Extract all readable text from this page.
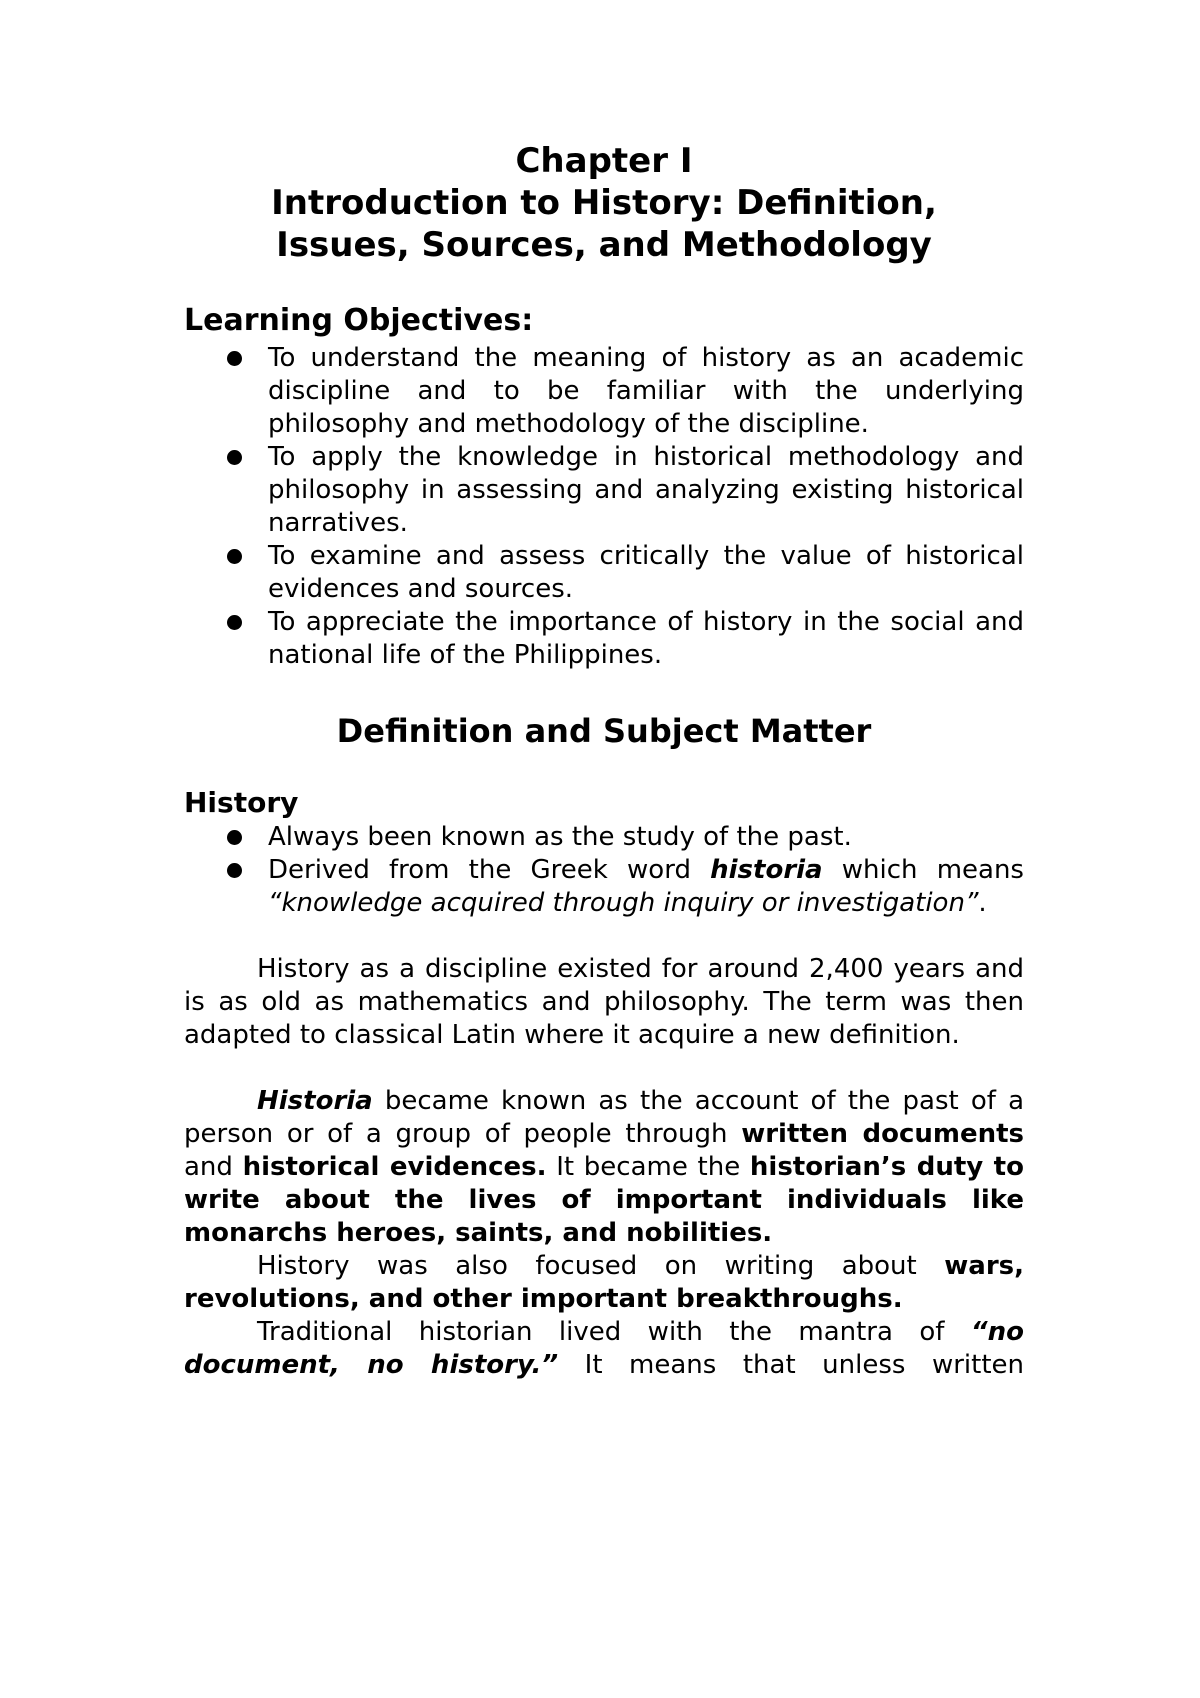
Chapter I

Introduction to History: Definition,

Issues, Sources, and Methodology

Learning Objectives:
To understand the meaning of history as an academic discipline and to be familiar with the underlying philosophy and methodology of the discipline.
To apply the knowledge in historical methodology and philosophy in assessing and analyzing existing historical narratives.
To examine and assess critically the value of historical evidences and sources.
To appreciate the importance of history in the social and national life of the Philippines.
Definition and Subject Matter
History
Always been known as the study of the past.
Derived from the Greek word historia which means “knowledge acquired through inquiry or investigation”.

History as a discipline existed for around 2,400 years and is as old as mathematics and philosophy. The term was then adapted to classical Latin where it acquire a new definition.

Historia became known as the account of the past of a person or of a group of people through written documents and historical evidences. It became the historian’s duty to write about the lives of important individuals like monarchs heroes, saints, and nobilities.

History was also focused on writing about wars, revolutions, and other important breakthroughs.

Traditional historian lived with the mantra of “no document, no history.” It means that unless written
